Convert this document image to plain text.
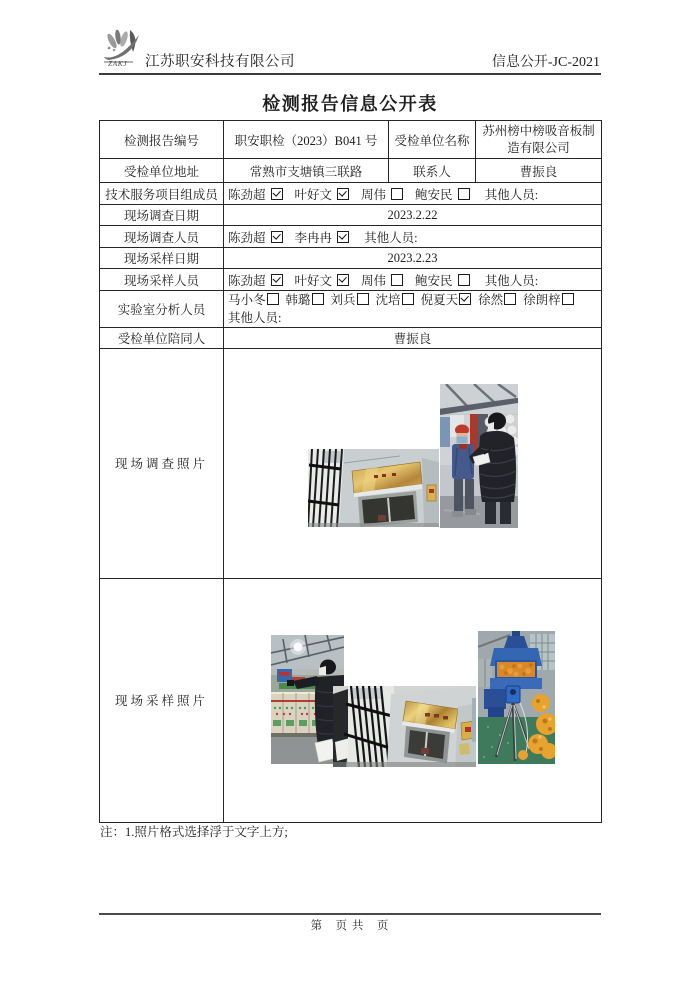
ZAKJ 江苏职安科技有限公司	信息公开-JC-2021
检测报告信息公开表
检测报告编号	职安职检（2023）B041 号	受检单位名称	苏州榜中榜吸音板制造有限公司
受检单位地址	常熟市支塘镇三联路	联系人	曹振良
技术服务项目组成员	陈劲超 叶好文 周伟 鲍安民 其他人员:		
现场调查日期	2023.2.22		
现场调查人员	陈劲超 李冉冉 其他人员:		
现场采样日期	2023.2.23		
现场采样人员	陈劲超 叶好文 周伟 鲍安民 其他人员:		
实验室分析人员	马小冬 韩璐 刘兵 沈培 倪夏天 徐然 徐朗梓
其他人员:		

受检单位陪同人	曹振良		
现场调查照片	

现场采样照片	
注：1.照片格式选择浮于文字上方;
第　页 共　页
